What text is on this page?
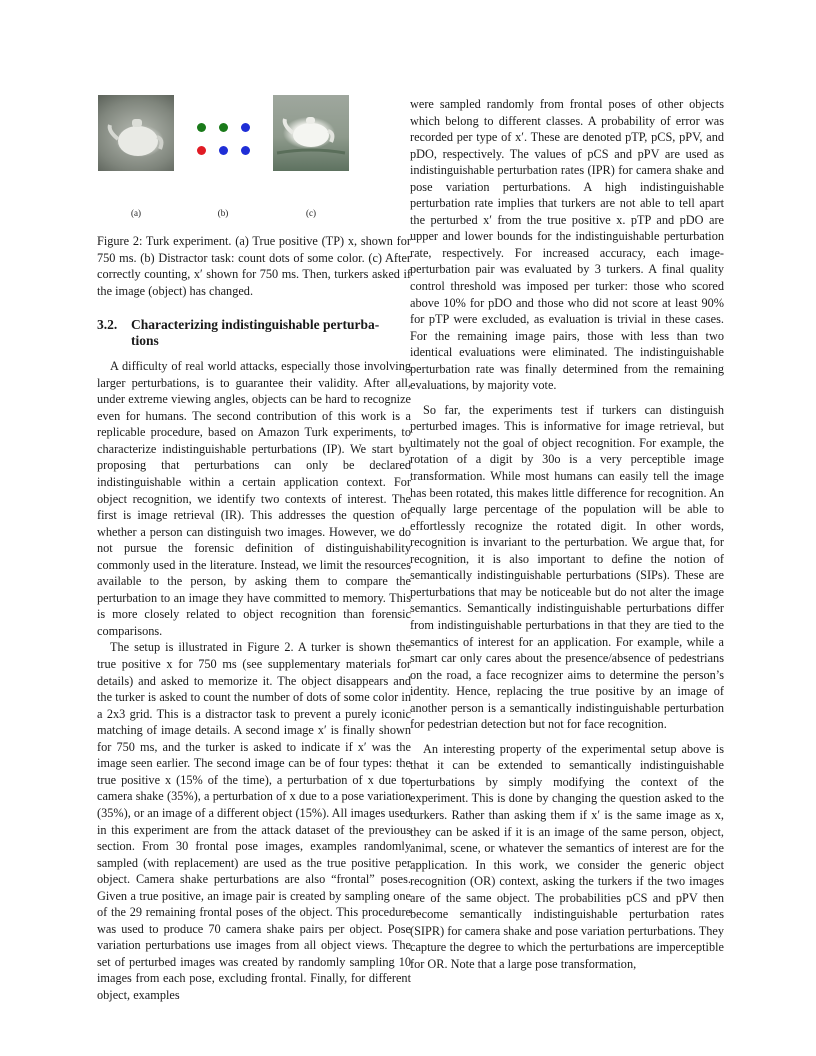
(a)	(b)	(c)

Figure 2: Turk experiment. (a) True positive (TP) x, shown for 750 ms. (b) Distractor task: count dots of some color. (c) After correctly counting, x′ shown for 750 ms. Then, turkers asked if the image (object) has changed.

3.2. Characterizing indistinguishable perturba-
tions

A difficulty of real world attacks, especially those involving larger perturbations, is to guarantee their validity. After all, under extreme viewing angles, objects can be hard to recognize even for humans. The second contribution of this work is a replicable procedure, based on Amazon Turk experiments, to characterize indistinguishable perturbations (IP). We start by proposing that perturbations can only be declared indistinguishable within a certain application context. For object recognition, we identify two contexts of interest. The first is image retrieval (IR). This addresses the question of whether a person can distinguish two images. However, we do not pursue the forensic definition of distinguishability commonly used in the literature. Instead, we limit the resources available to the person, by asking them to compare the perturbation to an image they have committed to memory. This is more closely related to object recognition than forensic comparisons.

The setup is illustrated in Figure 2. A turker is shown the true positive x for 750 ms (see supplementary materials for details) and asked to memorize it. The object disappears and the turker is asked to count the number of dots of some color in a 2x3 grid. This is a distractor task to prevent a purely iconic matching of image details. A second image x′ is finally shown for 750 ms, and the turker is asked to indicate if x′ was the image seen earlier. The second image can be of four types: the true positive x (15% of the time), a perturbation of x due to camera shake (35%), a perturbation of x due to a pose variation (35%), or an image of a different object (15%). All images used in this experiment are from the attack dataset of the previous section. From 30 frontal pose images, examples randomly sampled (with replacement) are used as the true positive per object. Camera shake perturbations are also “frontal” poses. Given a true positive, an image pair is created by sampling one of the 29 remaining frontal poses of the object. This procedure was used to produce 70 camera shake pairs per object. Pose variation perturbations use images from all object views. The set of perturbed images was created by randomly sampling 10 images from each pose, excluding frontal. Finally, for different object, examples

were sampled randomly from frontal poses of other objects which belong to different classes. A probability of error was recorded per type of x′. These are denoted pTP, pCS, pPV, and pDO, respectively. The values of pCS and pPV are used as indistinguishable perturbation rates (IPR) for camera shake and pose variation perturbations. A high indistinguishable perturbation rate implies that turkers are not able to tell apart the perturbed x′ from the true positive x. pTP and pDO are upper and lower bounds for the indistinguishable perturbation rate, respectively. For increased accuracy, each image-perturbation pair was evaluated by 3 turkers. A final quality control threshold was imposed per turker: those who scored above 10% for pDO and those who did not score at least 90% for pTP were excluded, as evaluation is trivial in these cases. For the remaining image pairs, those with less than two identical evaluations were eliminated. The indistinguishable perturbation rate was finally determined from the remaining evaluations, by majority vote.

So far, the experiments test if turkers can distinguish perturbed images. This is informative for image retrieval, but ultimately not the goal of object recognition. For example, the rotation of a digit by 30o is a very perceptible image transformation. While most humans can easily tell the image has been rotated, this makes little difference for recognition. An equally large percentage of the population will be able to effortlessly recognize the rotated digit. In other words, recognition is invariant to the perturbation. We argue that, for recognition, it is also important to define the notion of semantically indistinguishable perturbations (SIPs). These are perturbations that may be noticeable but do not alter the image semantics. Semantically indistinguishable perturbations differ from indistinguishable perturbations in that they are tied to the semantics of interest for an application. For example, while a smart car only cares about the presence/absence of pedestrians on the road, a face recognizer aims to determine the person’s identity. Hence, replacing the true positive by an image of another person is a semantically indistinguishable perturbation for pedestrian detection but not for face recognition.

An interesting property of the experimental setup above is that it can be extended to semantically indistinguishable perturbations by simply modifying the context of the experiment. This is done by changing the question asked to the turkers. Rather than asking them if x′ is the same image as x, they can be asked if it is an image of the same person, object, animal, scene, or whatever the semantics of interest are for the application. In this work, we consider the generic object recognition (OR) context, asking the turkers if the two images are of the same object. The probabilities pCS and pPV then become semantically indistinguishable perturbation rates (SIPR) for camera shake and pose variation perturbations. They capture the degree to which the perturbations are imperceptible for OR. Note that a large pose transformation,
